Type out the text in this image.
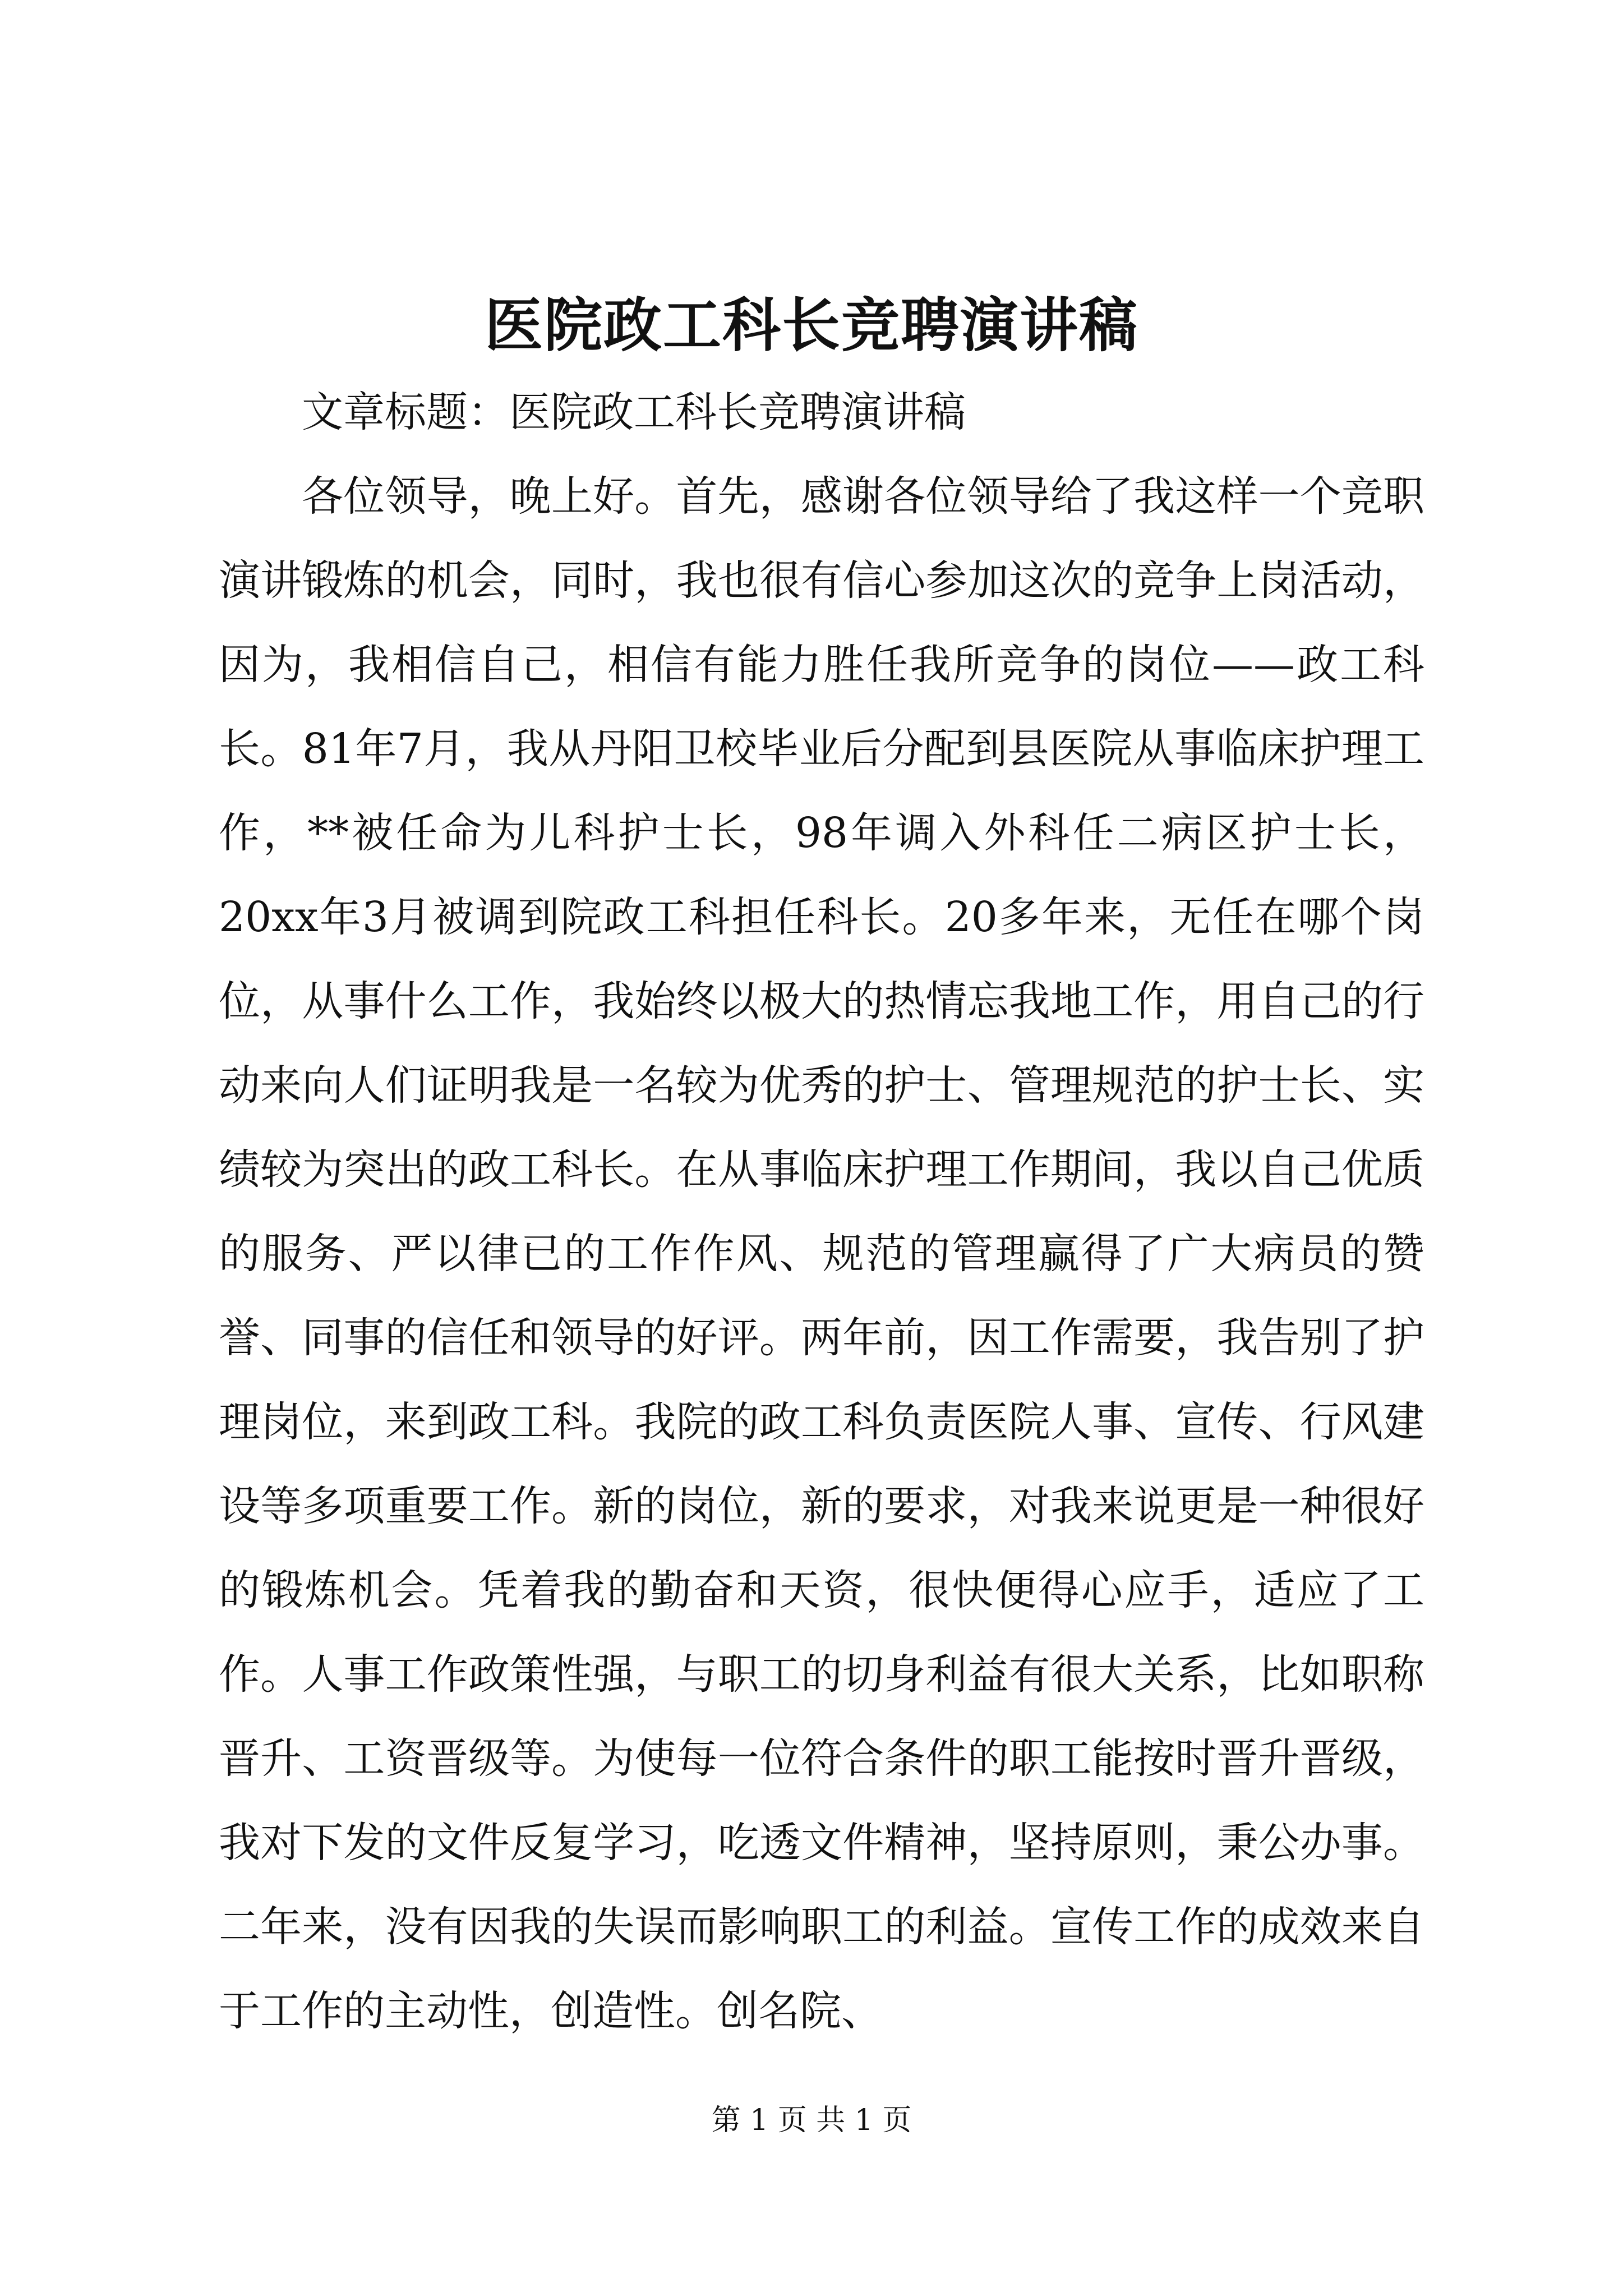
医院政工科长竞聘演讲稿

文章标题：医院政工科长竞聘演讲稿

各位领导，晚上好。首先，感谢各位领导给了我这样一个竞职演讲锻炼的机会，同时，我也很有信心参加这次的竞争上岗活动，因为，我相信自己，相信有能力胜任我所竞争的岗位——政工科长。81年7月，我从丹阳卫校毕业后分配到县医院从事临床护理工作，**被任命为儿科护士长，98年调入外科任二病区护士长，20xx年3月被调到院政工科担任科长。20多年来，无任在哪个岗位，从事什么工作，我始终以极大的热情忘我地工作，用自己的行动来向人们证明我是一名较为优秀的护士、管理规范的护士长、实绩较为突出的政工科长。在从事临床护理工作期间，我以自己优质的服务、严以律已的工作作风、规范的管理赢得了广大病员的赞誉、同事的信任和领导的好评。两年前，因工作需要，我告别了护理岗位，来到政工科。我院的政工科负责医院人事、宣传、行风建设等多项重要工作。新的岗位，新的要求，对我来说更是一种很好的锻炼机会。凭着我的勤奋和天资，很快便得心应手，适应了工作。人事工作政策性强，与职工的切身利益有很大关系，比如职称晋升、工资晋级等。为使每一位符合条件的职工能按时晋升晋级，我对下发的文件反复学习，吃透文件精神，坚持原则，秉公办事。二年来，没有因我的失误而影响职工的利益。宣传工作的成效来自于工作的主动性，创造性。创名院、

第 1 页 共 1 页
